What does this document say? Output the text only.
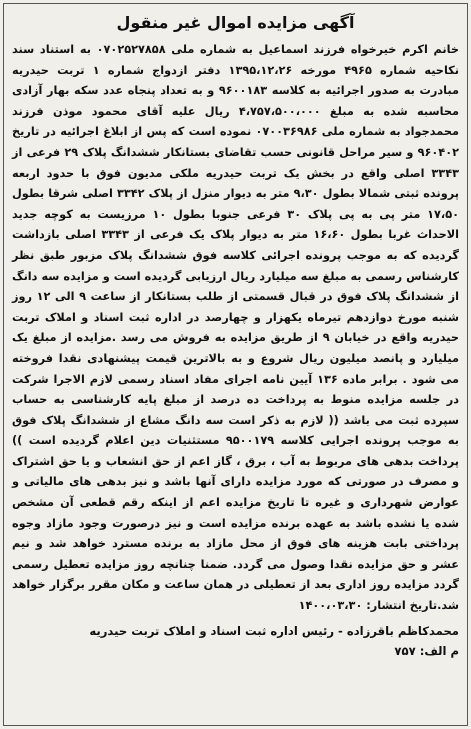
آگهی مزایده اموال غیر منقول

خانم اکرم خیرخواه فرزند اسماعیل به شماره ملی ۰۷۰۲۵۲۷۸۵۸ به استناد سند نکاحیه شماره ۴۹۶۵ مورخه ۱۳۹۵،۱۲،۲۶ دفتر ازدواج شماره ۱ تربت حیدریه مبادرت به صدور اجرائیه به کلاسه ۹۶۰۰۱۸۳ و به تعداد پنجاه عدد سکه بهار آزادی محاسبه شده به مبلغ ۴،۷۵۷،۵۰۰،۰۰۰ ریال علیه آقای محمود موذن فرزند محمدجواد به شماره ملی ۰۷۰۰۳۶۹۸۶ نموده است که پس از ابلاغ اجرائیه در تاریخ ۹۶۰۴۰۲ و سیر مراحل قانونی حسب تقاضای بستانکار ششدانگ پلاک ۲۹ فرعی از ۳۳۴۳ اصلی واقع در بخش یک تربت حیدریه ملکی مدیون فوق با حدود اربعه پرونده ثبتی شمالا بطول ۹،۳۰ متر به دیوار منزل از پلاک ۳۳۴۲ اصلی شرقا بطول ۱۷،۵۰ متر پی به پی پلاک ۳۰ فرعی جنوبا بطول ۱۰ مرزیست به کوچه جدید الاحداث غربا بطول ۱۶،۶۰ متر به دیوار پلاک یک فرعی از ۳۳۴۳ اصلی بازداشت گردیده که به موجب پرونده اجرائی کلاسه فوق ششدانگ پلاک مزبور طبق نظر کارشناس رسمی به مبلغ سه میلیارد ریال ارزیابی گردیده است و مزایده سه دانگ از ششدانگ پلاک فوق در قبال قسمتی از طلب بستانکار از ساعت ۹ الی ۱۲ روز شنبه مورخ دوازدهم تیرماه یکهزار و چهارصد در اداره ثبت اسناد و املاک تربت حیدریه واقع در خیابان ۹ از طریق مزایده به فروش می رسد .مزایده از مبلغ یک میلیارد و پانصد میلیون ریال شروع و به بالاترین قیمت پیشنهادی نقدا فروخته می شود . برابر ماده ۱۳۶ آیین نامه اجرای مفاد اسناد رسمی لازم الاجرا شرکت در جلسه مزایده منوط به پرداخت ده درصد از مبلغ پایه کارشناسی به حساب سپرده ثبت می باشد (( لازم به ذکر است سه دانگ مشاع از ششدانگ پلاک فوق به موجب پرونده اجرایی کلاسه ۹۵۰۰۱۷۹ مستثنیات دین اعلام گردیده است )) پرداخت بدهی های مربوط به آب ، برق ، گاز اعم از حق انشعاب و یا حق اشتراک و مصرف در صورتی که مورد مزایده دارای آنها باشد و نیز بدهی های مالیاتی و عوارض شهرداری و غیره تا تاریخ مزایده اعم از اینکه رقم قطعی آن مشخص شده یا نشده باشد به عهده برنده مزایده است و نیز درصورت وجود مازاد وجوه پرداختی بابت هزینه های فوق از محل مازاد به برنده مسترد خواهد شد و نیم عشر و حق مزایده نقدا وصول می گردد. ضمنا چنانچه روز مزایده تعطیل رسمی گردد مزایده روز اداری بعد از تعطیلی در همان ساعت و مکان مقرر برگزار خواهد شد.تاریخ انتشار: ۱۴۰۰،۰۳،۳۰

محمدکاظم باقرزاده - رئیس اداره ثبت اسناد و املاک تربت حیدریه
م الف: ۷۵۷
